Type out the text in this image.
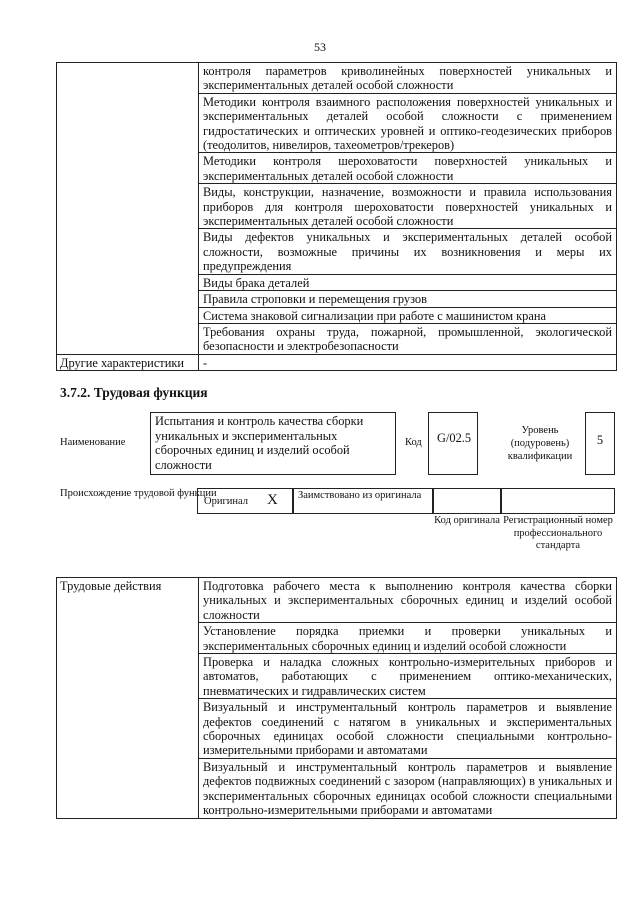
53
	контроля параметров криволинейных поверхностей уникальных и экспериментальных деталей особой сложности
	Методики контроля взаимного расположения поверхностей уникальных и экспериментальных деталей особой сложности с применением гидростатических и оптических уровней и оптико-геодезических приборов (теодолитов, нивелиров, тахеометров/трекеров)
	Методики контроля шероховатости поверхностей уникальных и экспериментальных деталей особой сложности
	Виды, конструкции, назначение, возможности и правила использования приборов для контроля шероховатости поверхностей уникальных и экспериментальных деталей особой сложности
	Виды дефектов уникальных и экспериментальных деталей особой сложности, возможные причины их возникновения и меры их предупреждения
	Виды брака деталей
	Правила строповки и перемещения грузов
	Система знаковой сигнализации при работе с машинистом крана
	Требования охраны труда, пожарной, промышленной, экологической безопасности и электробезопасности
Другие характеристики	-
3.7.2. Трудовая функция
Наименование
Испытания и контроль качества сборки уникальных и экспериментальных сборочных единиц и изделий особой сложности
Код	G/02.5
Уровень (подуровень) квалификации
5
Происхождение трудовой функции
Оригинал X	Заимствовано из оригинала
Код оригинала Регистрационный номер профессионального стандарта
Трудовые действия	Подготовка рабочего места к выполнению контроля качества сборки уникальных и экспериментальных сборочных единиц и изделий особой сложности
Установление порядка приемки и проверки уникальных и экспериментальных сборочных единиц и изделий особой сложности
Проверка и наладка сложных контрольно-измерительных приборов и автоматов, работающих с применением оптико-механических, пневматических и гидравлических систем
Визуальный и инструментальный контроль параметров и выявление дефектов соединений с натягом в уникальных и экспериментальных сборочных единицах особой сложности специальными контрольно-измерительными приборами и автоматами
Визуальный и инструментальный контроль параметров и выявление дефектов подвижных соединений с зазором (направляющих) в уникальных и экспериментальных сборочных единицах особой сложности специальными контрольно-измерительными приборами и автоматами
